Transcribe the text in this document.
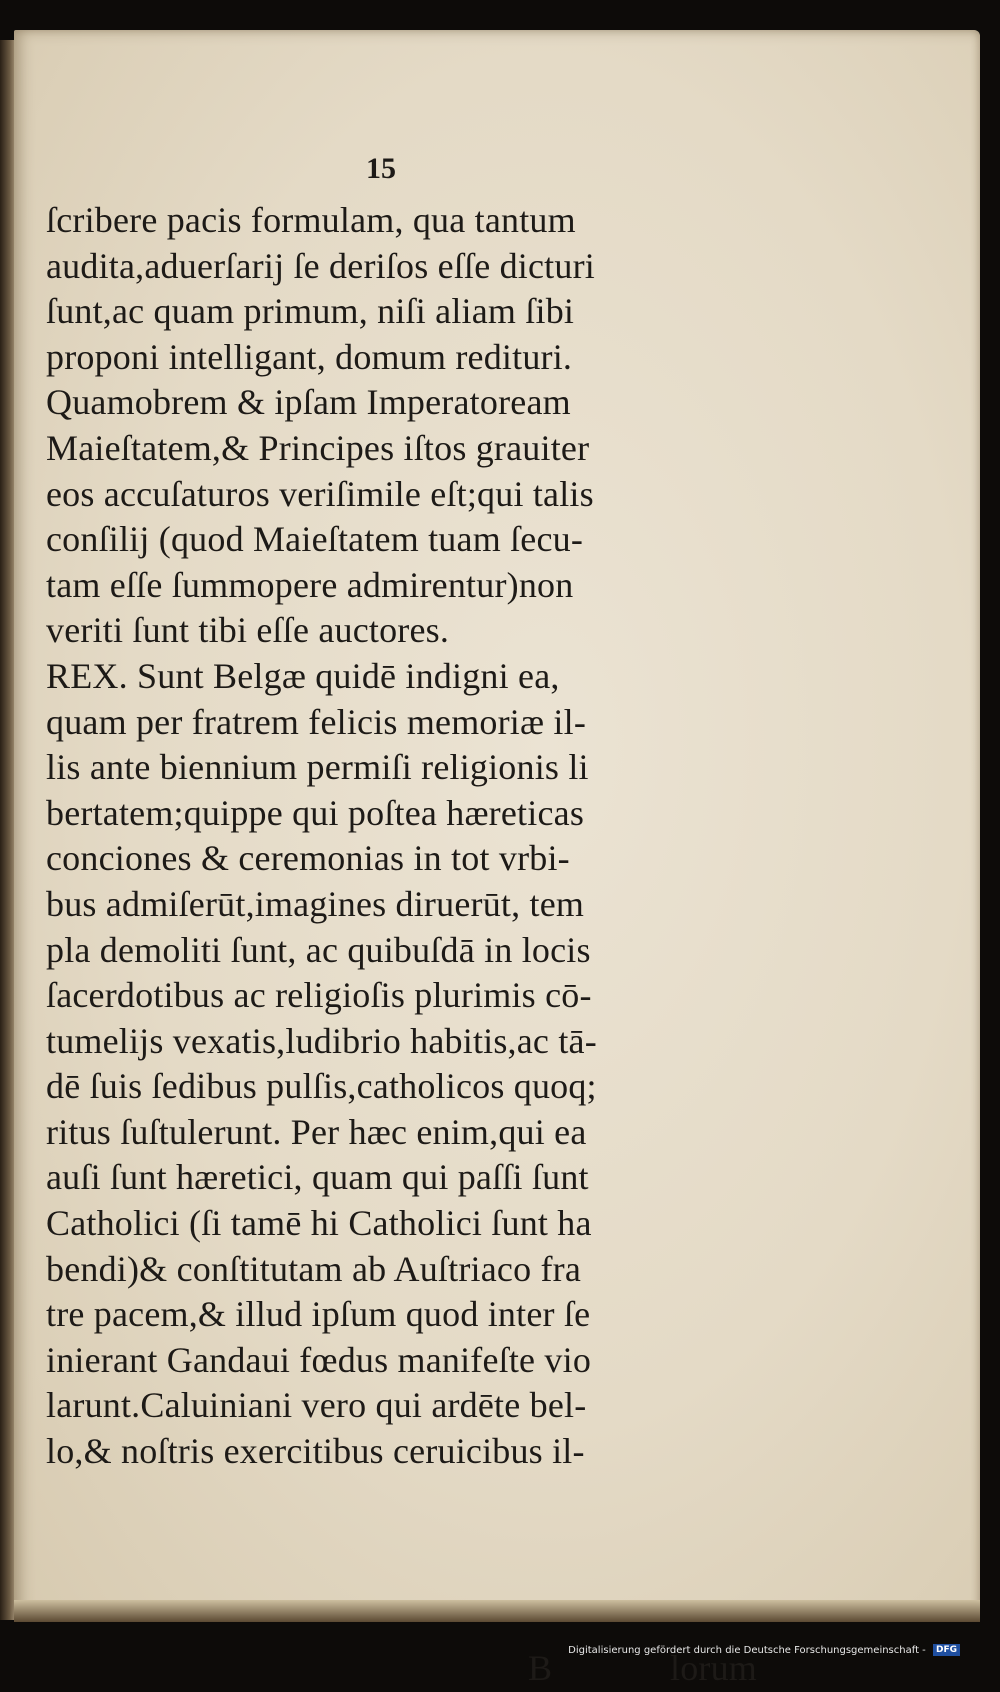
15

ſcribere pacis formulam, qua tantum
audita,aduerſarij ſe deriſos eſſe dicturi
ſunt,ac quam primum, niſi aliam ſibi
proponi intelligant, domum redituri.
Quamobrem & ipſam Imperatoream
Maieſtatem,& Principes iſtos grauiter
eos accuſaturos veriſimile eſt;qui talis
conſilij (quod Maieſtatem tuam ſecu-
tam eſſe ſummopere admirentur)non
veriti ſunt tibi eſſe auctores.
REX. Sunt Belgæ quidē indigni ea,
quam per fratrem felicis memoriæ il-
lis ante biennium permiſi religionis li
bertatem;quippe qui poſtea hæreticas
conciones & ceremonias in tot vrbi-
bus admiſerūt,imagines diruerūt, tem
pla demoliti ſunt, ac quibuſdā in locis
ſacerdotibus ac religioſis plurimis cō-
tumelijs vexatis,ludibrio habitis,ac tā-
dē ſuis ſedibus pulſis,catholicos quoq;
ritus ſuſtulerunt. Per hæc enim,qui ea
auſi ſunt hæretici, quam qui paſſi ſunt
Catholici (ſi tamē hi Catholici ſunt ha
bendi)& conſtitutam ab Auſtriaco fra
tre pacem,& illud ipſum quod inter ſe
inierant Gandaui fœdus manifeſte vio
larunt.Caluiniani vero qui ardēte bel-
lo,& noſtris exercitibus ceruicibus il-
B	lorum
Digitalisierung gefördert durch die Deutsche Forschungsgemeinschaft - DFG
